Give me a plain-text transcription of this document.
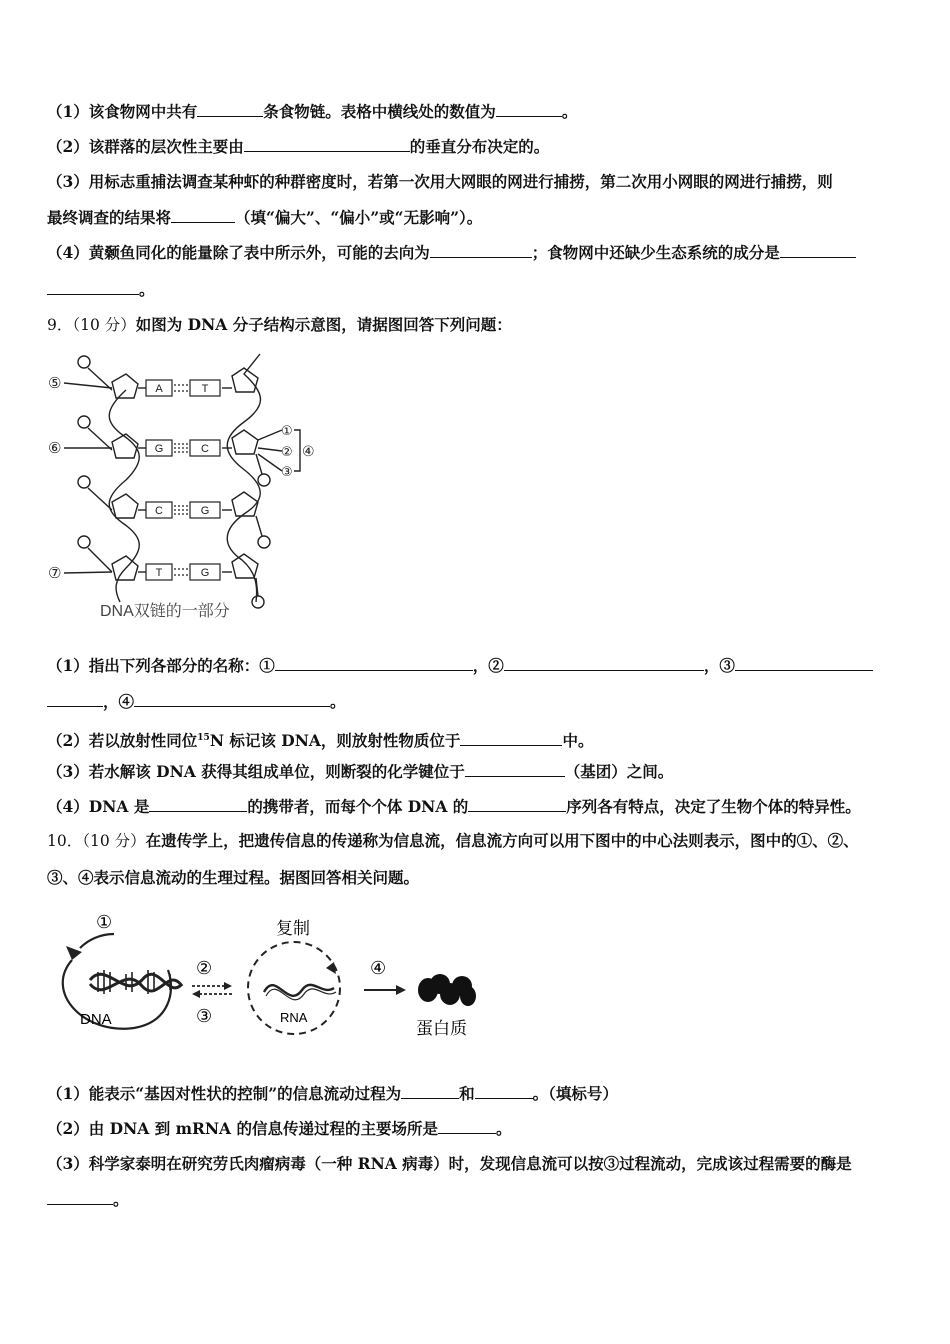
（1）该食物网中共有	条食物链。表格中横线处的数值为	。
（2）该群落的层次性主要由	的垂直分布决定的。
（3）用标志重捕法调查某种虾的种群密度时，若第一次用大网眼的网进行捕捞，第二次用小网眼的网进行捕捞，则
最终调查的结果将	（填“偏大”、“偏小”或“无影响”）。
（4）黄颡鱼同化的能量除了表中所示外，可能的去向为	；食物网中还缺少生态系统的成分是
。
9．（10 分）如图为 DNA 分子结构示意图，请据图回答下列问题：
A	T
G	C
C	G
T	G
⑤
⑥
⑦
①
②
③
④
DNA双链的一部分
（1）指出下列各部分的名称：①	，②	，③
，④	。
（2）若以放射性同位$^{15}$N 标记该 DNA，则放射性物质位于	中。
（3）若水解该 DNA 获得其组成单位，则断裂的化学键位于	（基团）之间。
（4）DNA 是	的携带者，而每个个体 DNA 的	序列各有特点，决定了生物个体的特异性。
10．（10 分）在遗传学上，把遗传信息的传递称为信息流，信息流方向可以用下图中的中心法则表示，图中的①、②、
③、④表示信息流动的生理过程。据图回答相关问题。
①
DNA
②
③
复制
RNA
④
蛋白质
（1）能表示“基因对性状的控制”的信息流动过程为	和	。（填标号）
（2）由 DNA 到 mRNA 的信息传递过程的主要场所是	。
（3）科学家泰明在研究劳氏肉瘤病毒（一种 RNA 病毒）时，发现信息流可以按③过程流动，完成该过程需要的酶是
。
